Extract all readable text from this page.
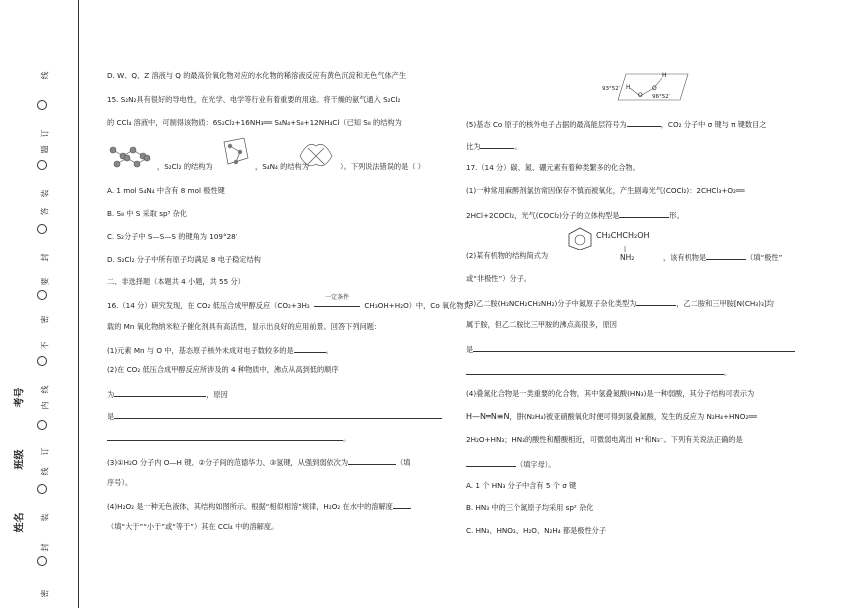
线
订
题
装
答
封
要
密
不
线
内
订
线
装
封
密
考号
班级
姓名
D. W、Q、Z 溶液与 Q 的最高价氧化物对应的水化物的稀溶液反应有黄色沉淀和无色气体产生
15. S₂N₂具有很好的导电性，在光学、电学等行业有着重要的用途。将干燥的氨气通入 S₂Cl₂
的 CCl₄ 溶液中，可制得该物质：6S₂Cl₂+16NH₃══ S₄N₄+S₈+12NH₄Cl（已知 S₈ 的结构为
，S₂Cl₂ 的结构为	，S₄N₄ 的结构为	）。下列说法错误的是（ ）
A. 1 mol S₄N₄ 中含有 8 mol 极性键
B. S₈ 中 S 采取 sp³ 杂化
C. S₂分子中 S—S—S 的键角为 109°28′
D. S₂Cl₂ 分子中所有原子均满足 8 电子稳定结构
二、非选择题（本题共 4 小题，共 55 分）
16.（14 分）研究发现，在 CO₂ 低压合成甲醇反应（CO₂+3H₂
一定条件
CH₃OH+H₂O）中，Co 氧化物负
载的 Mn 氧化物纳米粒子催化剂具有高活性，显示出良好的应用前景。回答下列问题：
(1)元素 Mn 与 O 中，基态原子核外未成对电子数较多的是	。
(2)在 CO₂ 低压合成甲醇反应所涉及的 4 种物质中，沸点从高到低的顺序
为	，原因
是
。
(3)①H₂O 分子内 O—H 键、②分子间的范德华力、③氢键，从强到弱依次为	（填
序号）。
(4)H₂O₂ 是一种无色液体，其结构如图所示。根据“相似相溶”规律，H₂O₂ 在水中的溶解度
（填“大于”“小于”或“等于”）其在 CCl₄ 中的溶解度。
93°52′
96°52′
H
O
O
H
(5)基态 Co 原子的核外电子占据的最高能层符号为	，CO₂ 分子中 σ 键与 π 键数目之
比为	。
17.（14 分）碳、氮、硼元素有着种类繁多的化合物。
(1)一种常用麻醉剂氯仿常因保存不慎而被氧化，产生剧毒光气(COCl₂)：2CHCl₃+O₂══
2HCl+2COCl₂，光气(COCl₂)分子的立体构型是	形。
CH₂CHCH₂OH
|
NH₂
(2)某有机物的结构简式为	，该有机物是	（填“极性”
或“非极性”）分子。
(3)乙二胺(H₂NCH₂CH₂NH₂)分子中氮原子杂化类型为	，乙二胺和三甲胺[N(CH₃)₃]均
属于胺，但乙二胺比三甲胺的沸点高很多，原因
是
。
(4)叠氮化合物是一类重要的化合物，其中氢叠氮酸(HN₃)是一种弱酸，其分子结构可表示为
H—N═N≡N，肼(N₂H₄)被亚硝酸氧化时便可得到氢叠氮酸，发生的反应为 N₂H₄+HNO₂══
2H₂O+HN₃；HN₃的酸性和醋酸相近，可微弱电离出 H⁺和N₃⁻。下列有关说法正确的是
（填字母）。
A. 1 个 HN₃ 分子中含有 5 个 σ 键
B. HN₃ 中的三个氮原子均采用 sp² 杂化
C. HN₃、HNO₂、H₂O、N₂H₄ 都是极性分子
